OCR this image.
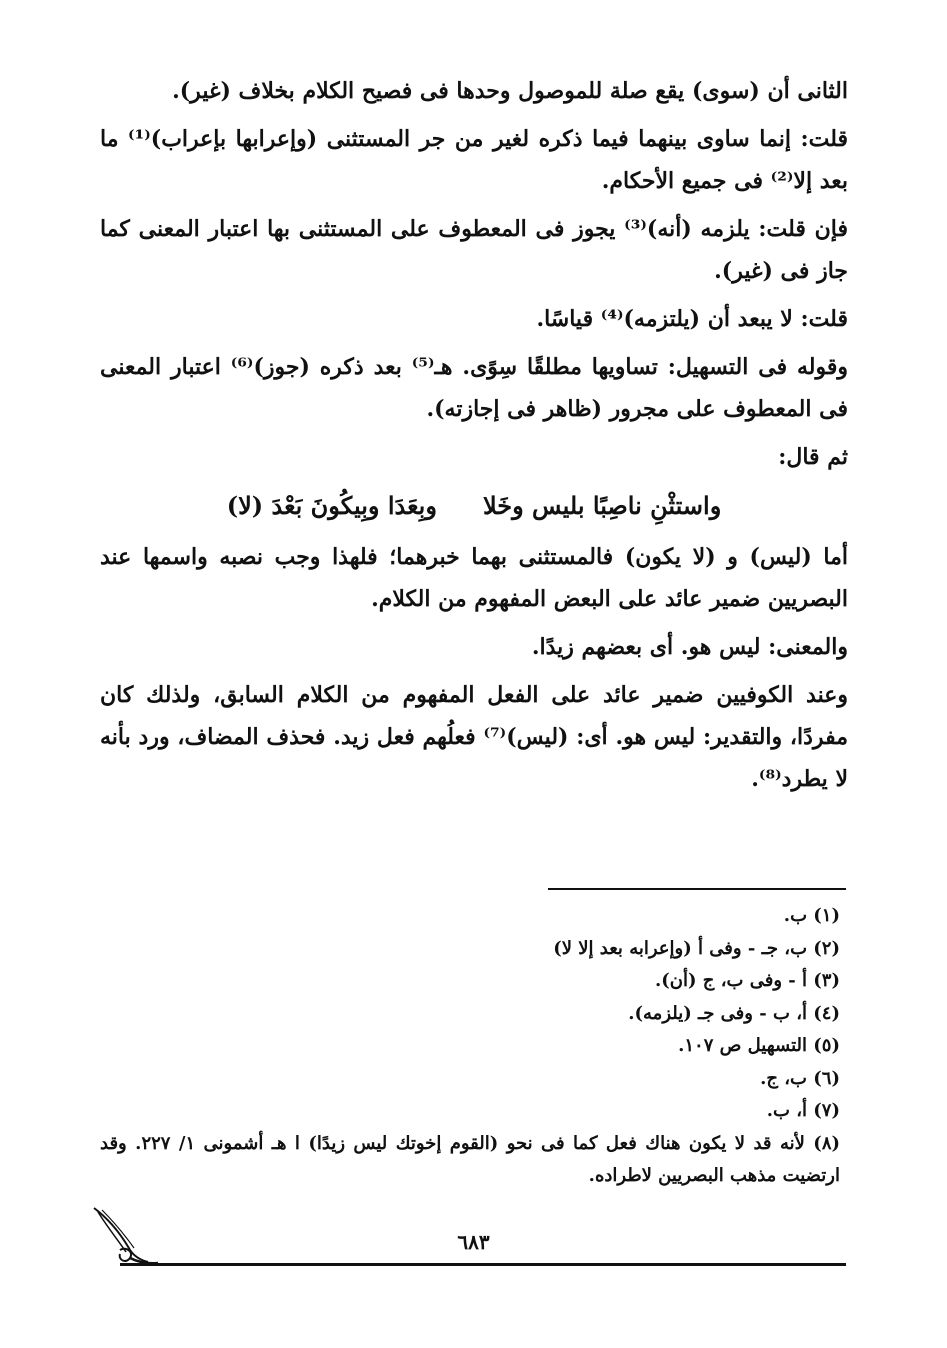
الثانى أن (سوى) يقع صلة للموصول وحدها فى فصيح الكلام بخلاف (غير).

قلت: إنما ساوى بينهما فيما ذكره لغير من جر المستثنى (وإعرابها بإعراب)⁽¹⁾ ما بعد إلا⁽²⁾ فى جميع الأحكام.

فإن قلت: يلزمه (أنه)⁽³⁾ يجوز فى المعطوف على المستثنى بها اعتبار المعنى كما جاز فى (غير).

قلت: لا يبعد أن (يلتزمه)⁽⁴⁾ قياسًا.

وقوله فى التسهيل: تساويها مطلقًا سِوًى. هـ⁽⁵⁾ بعد ذكره (جوز)⁽⁶⁾ اعتبار المعنى فى المعطوف على مجرور (ظاهر فى إجازته).

ثم قال:

واستثْنِ ناصِبًا بليس وخَلا
وبِعَدَا وبِيكُونَ بَعْدَ (لا)

أما (ليس) و (لا يكون) فالمستثنى بهما خبرهما؛ فلهذا وجب نصبه واسمها عند البصريين ضمير عائد على البعض المفهوم من الكلام.

والمعنى: ليس هو. أى بعضهم زيدًا.

وعند الكوفيين ضمير عائد على الفعل المفهوم من الكلام السابق، ولذلك كان مفردًا، والتقدير: ليس هو. أى: (ليس)⁽⁷⁾ فعلُهم فعل زيد. فحذف المضاف، ورد بأنه لا يطرد⁽⁸⁾.

(١) ب.

(٢) ب، جـ - وفى أ (وإعرابه بعد إلا لا)

(٣) أ - وفى ب، ج (أن).

(٤) أ، ب - وفى جـ (يلزمه).

(٥) التسهيل ص ١٠٧.

(٦) ب، ج.

(٧) أ، ب.

(٨) لأنه قد لا يكون هناك فعل كما فى نحو (القوم إخوتك ليس زيدًا) ا هـ أشمونى ١/ ٢٢٧. وقد ارتضيت مذهب البصريين لاطراده.

٦٨٣
